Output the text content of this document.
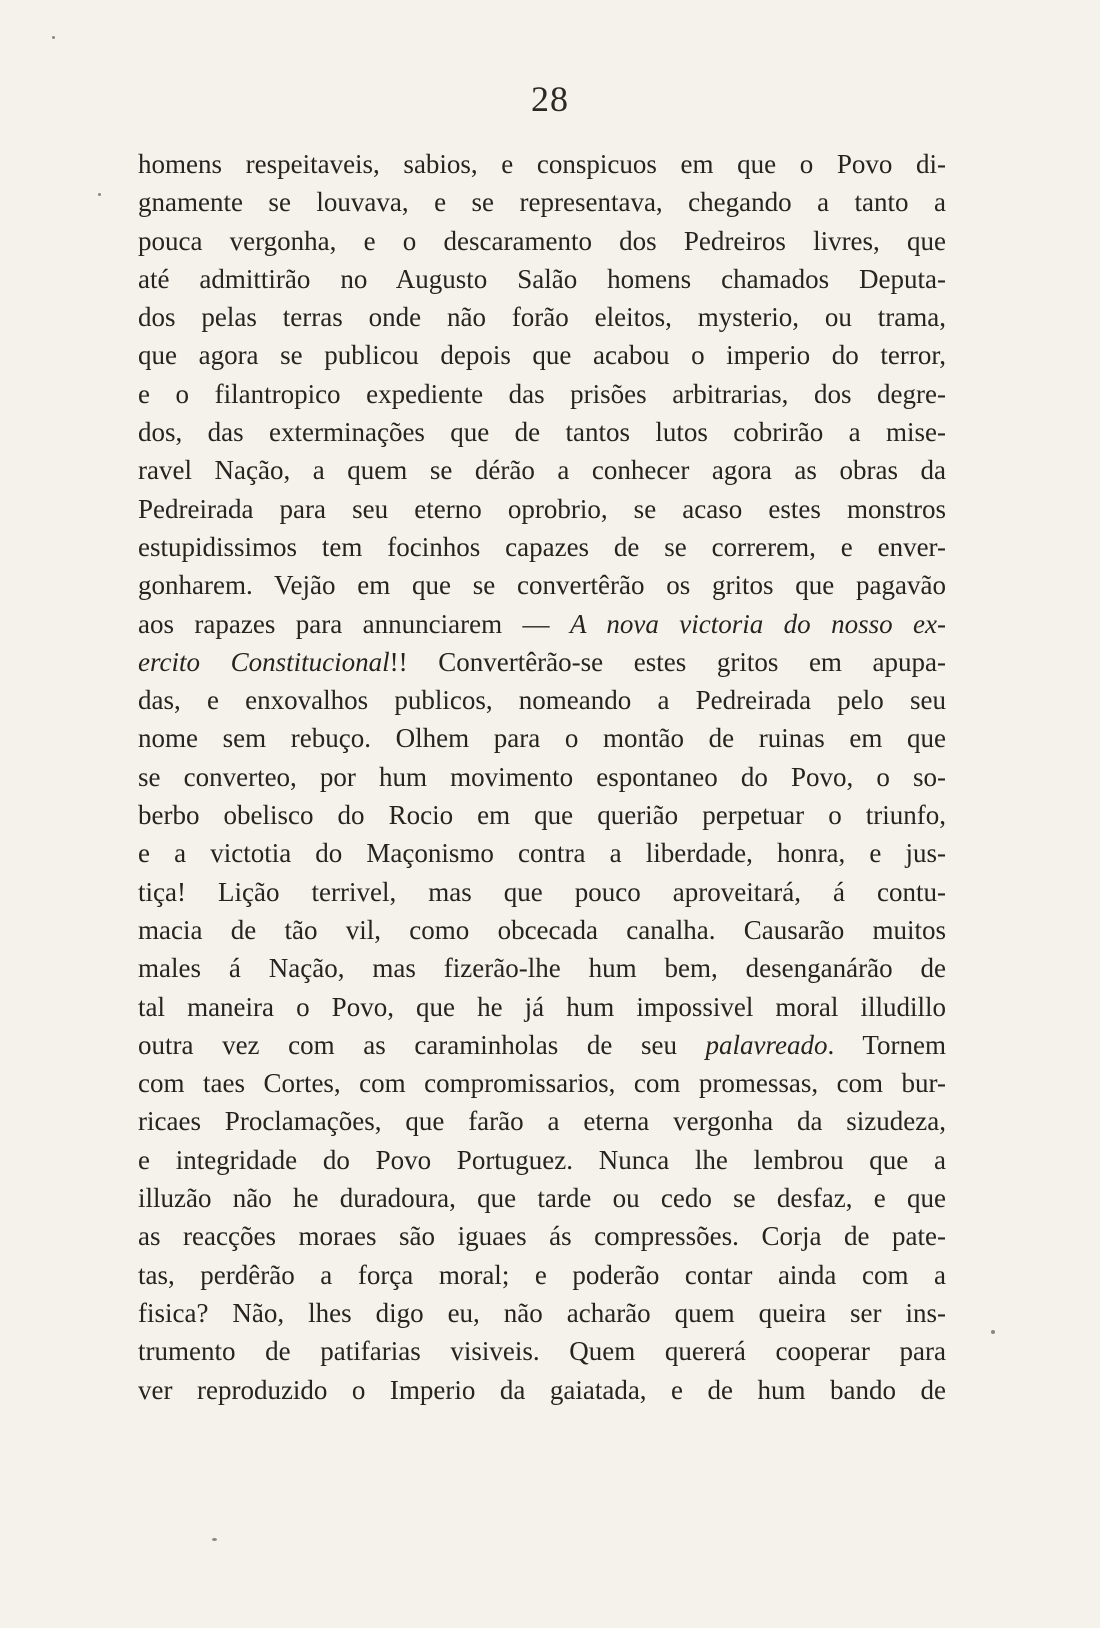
28
homens respeitaveis, sabios, e conspicuos em que o Povo di-
gnamente se louvava, e se representava, chegando a tanto a
pouca vergonha, e o descaramento dos Pedreiros livres, que
até admittirão no Augusto Salão homens chamados Deputa-
dos pelas terras onde não forão eleitos, mysterio, ou trama,
que agora se publicou depois que acabou o imperio do terror,
e o filantropico expediente das prisões arbitrarias, dos degre-
dos, das exterminações que de tantos lutos cobrirão a mise-
ravel Nação, a quem se dérão a conhecer agora as obras da
Pedreirada para seu eterno oprobrio, se acaso estes monstros
estupidissimos tem focinhos capazes de se correrem, e enver-
gonharem. Vejão em que se convertêrão os gritos que pagavão
aos rapazes para annunciarem — A nova victoria do nosso ex-
ercito Constitucional!! Convertêrão-se estes gritos em apupa-
das, e enxovalhos publicos, nomeando a Pedreirada pelo seu
nome sem rebuço. Olhem para o montão de ruinas em que
se converteo, por hum movimento espontaneo do Povo, o so-
berbo obelisco do Rocio em que querião perpetuar o triunfo,
e a victotia do Maçonismo contra a liberdade, honra, e jus-
tiça! Lição terrivel, mas que pouco aproveitará, á contu-
macia de tão vil, como obcecada canalha. Causarão muitos
males á Nação, mas fizerão-lhe hum bem, desenganárão de
tal maneira o Povo, que he já hum impossivel moral illudillo
outra vez com as caraminholas de seu palavreado. Tornem
com taes Cortes, com compromissarios, com promessas, com bur-
ricaes Proclamações, que farão a eterna vergonha da sizudeza,
e integridade do Povo Portuguez. Nunca lhe lembrou que a
illuzão não he duradoura, que tarde ou cedo se desfaz, e que
as reacções moraes são iguaes ás compressões. Corja de pate-
tas, perdêrão a força moral; e poderão contar ainda com a
fisica? Não, lhes digo eu, não acharão quem queira ser ins-
trumento de patifarias visiveis. Quem quererá cooperar para
ver reproduzido o Imperio da gaiatada, e de hum bando de
